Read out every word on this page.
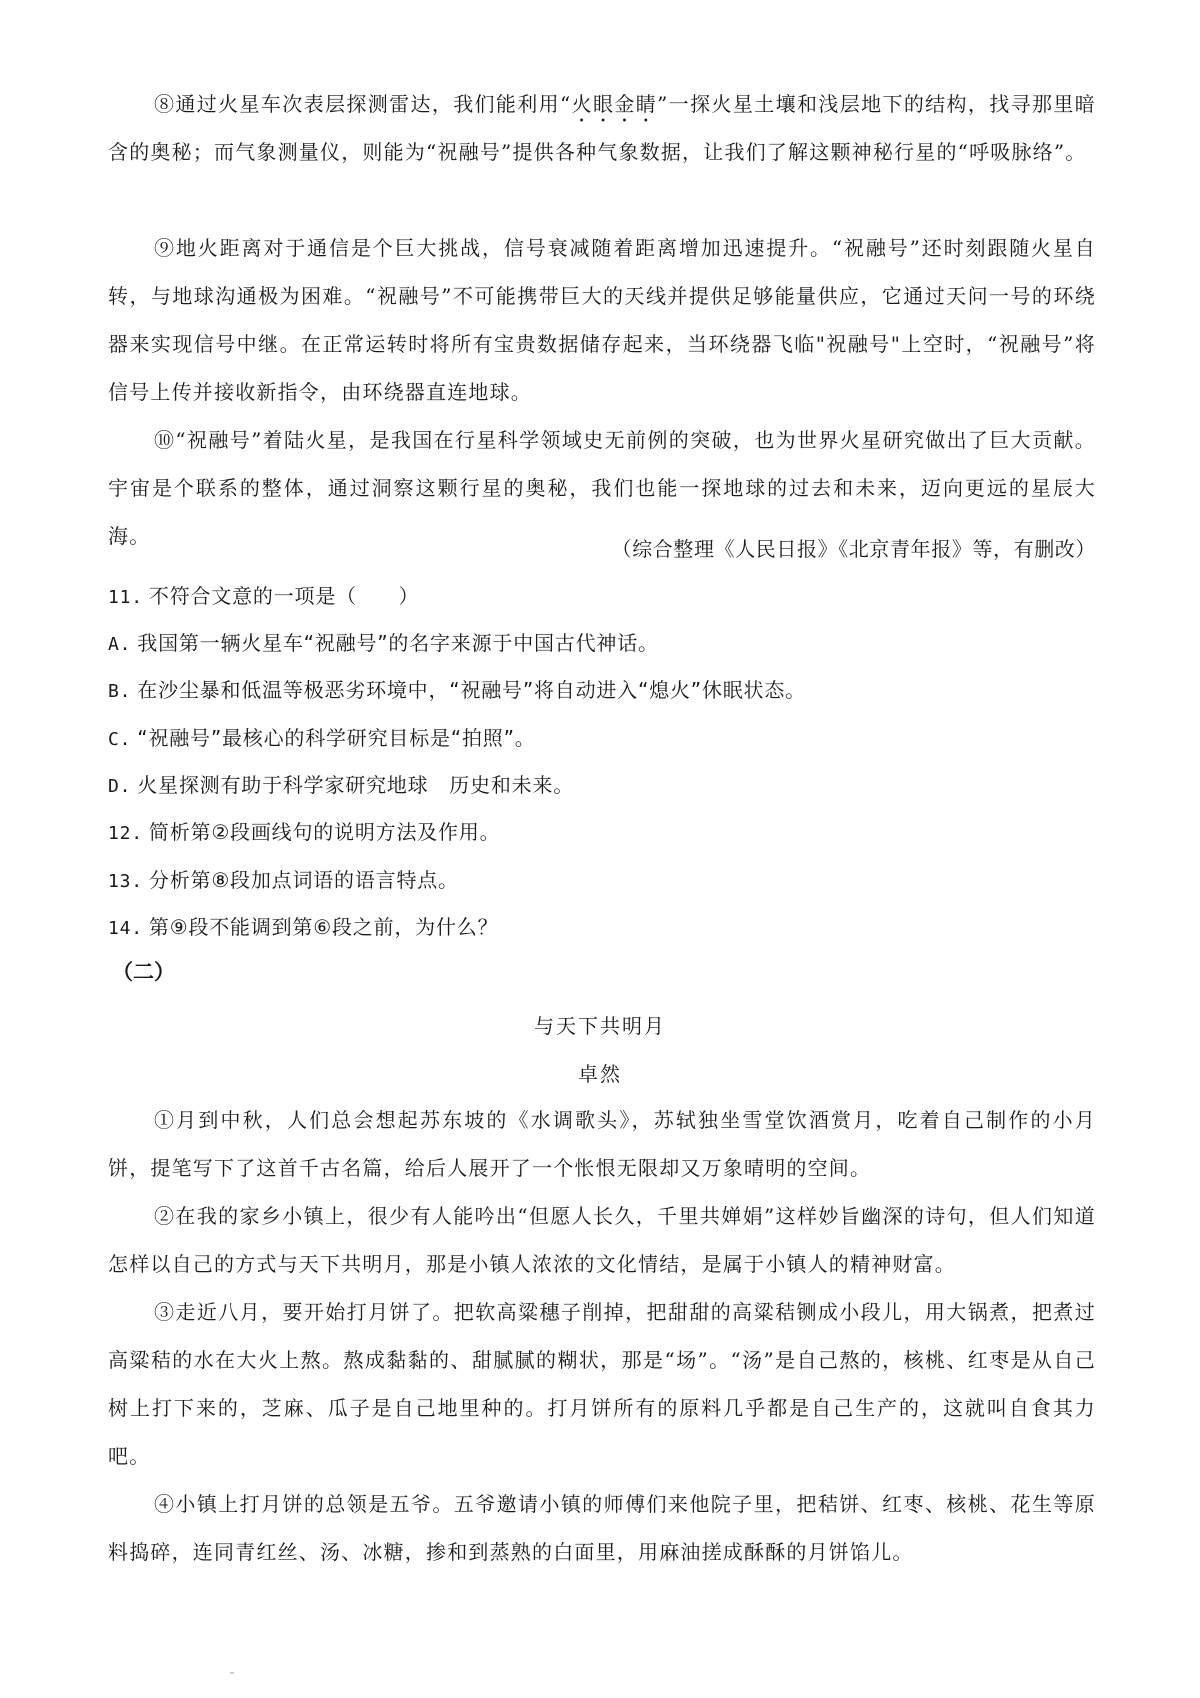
⑧通过火星车次表层探测雷达，我们能利用“火眼金睛”一探火星土壤和浅层地下的结构，找寻那里暗含的奥秘；而气象测量仪，则能为“祝融号”提供各种气象数据，让我们了解这颗神秘行星的“呼吸脉络”。
⑨地火距离对于通信是个巨大挑战，信号衰减随着距离增加迅速提升。“祝融号”还时刻跟随火星自转，与地球沟通极为困难。“祝融号”不可能携带巨大的天线并提供足够能量供应，它通过天问一号的环绕器来实现信号中继。在正常运转时将所有宝贵数据储存起来，当环绕器飞临"祝融号"上空时，“祝融号”将信号上传并接收新指令，由环绕器直连地球。
⑩“祝融号”着陆火星，是我国在行星科学领域史无前例的突破，也为世界火星研究做出了巨大贡献。宇宙是个联系的整体，通过洞察这颗行星的奥秘，我们也能一探地球的过去和未来，迈向更远的星辰大海。
（综合整理《人民日报》《北京青年报》等，有删改）
11. 不符合文意的一项是（　　）
A. 我国第一辆火星车“祝融号”的名字来源于中国古代神话。
B. 在沙尘暴和低温等极恶劣环境中，“祝融号”将自动进入“熄火”休眠状态。
C. “祝融号”最核心的科学研究目标是“拍照”。
D. 火星探测有助于科学家研究地球　历史和未来。
12. 简析第②段画线句的说明方法及作用。
13. 分析第⑧段加点词语的语言特点。
14. 第⑨段不能调到第⑥段之前，为什么？
（二）
与天下共明月
卓然
①月到中秋，人们总会想起苏东坡的《水调歌头》，苏轼独坐雪堂饮酒赏月，吃着自己制作的小月饼，提笔写下了这首千古名篇，给后人展开了一个怅恨无限却又万象晴明的空间。
②在我的家乡小镇上，很少有人能吟出“但愿人长久，千里共婵娟”这样妙旨幽深的诗句，但人们知道怎样以自己的方式与天下共明月，那是小镇人浓浓的文化情结，是属于小镇人的精神财富。
③走近八月，要开始打月饼了。把软高粱穗子削掉，把甜甜的高粱秸铡成小段儿，用大锅煮，把煮过高粱秸的水在大火上熬。熬成黏黏的、甜腻腻的糊状，那是“场”。“汤”是自己熬的，核桃、红枣是从自己树上打下来的，芝麻、瓜子是自己地里种的。打月饼所有的原料几乎都是自己生产的，这就叫自食其力吧。
④小镇上打月饼的总领是五爷。五爷邀请小镇的师傅们来他院子里，把秸饼、红枣、核桃、花生等原料捣碎，连同青红丝、汤、冰糖，掺和到蒸熟的白面里，用麻油搓成酥酥的月饼馅儿。
